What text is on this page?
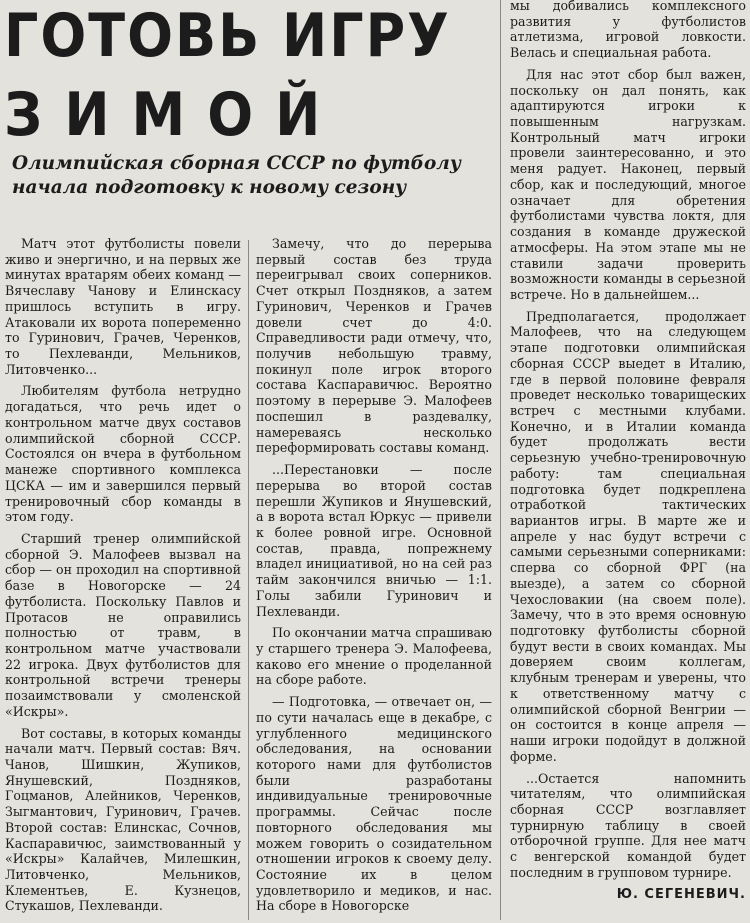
ГОТОВЬ ИГРУ
ЗИМОЙ
Олимпийская сборная СССР по футболу начала подготовку к новому сезону

Матч этот футболисты повели живо и энергично, и на первых же минутах вратарям обеих команд — Вячеславу Чанову и Елинскасу пришлось вступить в игру. Атаковали их ворота попеременно то Гуринович, Грачев, Черенков, то Пехлеванди, Мельников, Литовченко...

Любителям футбола нетрудно догадаться, что речь идет о контрольном матче двух составов олимпийской сборной СССР. Состоялся он вчера в футбольном манеже спортивного комплекса ЦСКА — им и завершился первый тренировочный сбор команды в этом году.

Старший тренер олимпийской сборной Э. Малофеев вызвал на сбор — он проходил на спортивной базе в Новогорске — 24 футболиста. Поскольку Павлов и Протасов не оправились полностью от травм, в контрольном матче участвовали 22 игрока. Двух футболистов для контрольной встречи тренеры позаимствовали у смоленской «Искры».

Вот составы, в которых команды начали матч. Первый состав: Вяч. Чанов, Шишкин, Жупиков, Янушевский, Поздняков, Гоцманов, Алейников, Черенков, Зыгмантович, Гуринович, Грачев. Второй состав: Елинскас, Сочнов, Каспаравичюс, заимствованный у «Искры» Калайчев, Милешкин, Литовченко, Мельников, Клементьев, Е. Кузнецов, Стукашов, Пехлеванди.

Замечу, что до перерыва первый состав без труда переигрывал своих соперников. Счет открыл Поздняков, а затем Гуринович, Черенков и Грачев довели счет до 4:0. Справедливости ради отмечу, что, получив небольшую травму, покинул поле игрок второго состава Каспаравичюс. Вероятно поэтому в перерыве Э. Малофеев поспешил в раздевалку, намереваясь несколько переформировать составы команд.

...Перестановки — после перерыва во второй состав перешли Жупиков и Янушевский, а в ворота встал Юркус — привели к более ровной игре. Основной состав, правда, попрежнему владел инициативой, но на сей раз тайм закончился вничью — 1:1. Голы забили Гуринович и Пехлеванди.

По окончании матча спрашиваю у старшего тренера Э. Малофеева, каково его мнение о проделанной на сборе работе.

— Подготовка, — отвечает он, — по сути началась еще в декабре, с углубленного медицинского обследования, на основании которого нами для футболистов были разработаны индивидуальные тренировочные программы. Сейчас после повторного обследования мы можем говорить о созидательном отношении игроков к своему делу. Состояние их в целом удовлетворило и медиков, и нас. На сборе в Новогорске

мы добивались комплексного развития у футболистов атлетизма, игровой ловкости. Велась и специальная работа.

Для нас этот сбор был важен, поскольку он дал понять, как адаптируются игроки к повышенным нагрузкам. Контрольный матч игроки провели заинтересованно, и это меня радует. Наконец, первый сбор, как и последующий, многое означает для обретения футболистами чувства локтя, для создания в команде дружеской атмосферы. На этом этапе мы не ставили задачи проверить возможности команды в серьезной встрече. Но в дальнейшем...

Предполагается, продолжает Малофеев, что на следующем этапе подготовки олимпийская сборная СССР выедет в Италию, где в первой половине февраля проведет несколько товарищеских встреч с местными клубами. Конечно, и в Италии команда будет продолжать вести серьезную учебно-тренировочную работу: там специальная подготовка будет подкреплена отработкой тактических вариантов игры. В марте же и апреле у нас будут встречи с самыми серьезными соперниками: сперва со сборной ФРГ (на выезде), а затем со сборной Чехословакии (на своем поле). Замечу, что в это время основную подготовку футболисты сборной будут вести в своих командах. Мы доверяем своим коллегам, клубным тренерам и уверены, что к ответственному матчу с олимпийской сборной Венгрии — он состоится в конце апреля — наши игроки подойдут в должной форме.

...Остается напомнить читателям, что олимпийская сборная СССР возглавляет турнирную таблицу в своей отборочной группе. Для нее матч с венгерской командой будет последним в групповом турнире.

Ю. СЕГЕНЕВИЧ.
